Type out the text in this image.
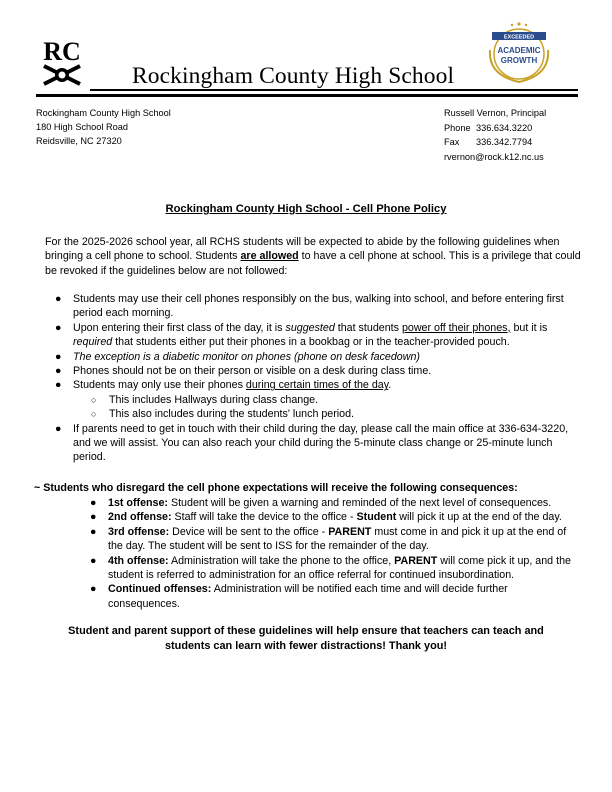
RC	EXCEEDED
ACADEMIC
GROWTH
Rockingham County High School
Rockingham County High School
180 High School Road
Reidsville, NC 27320
Russell Vernon, Principal
Phone 336.634.3220
Fax 336.342.7794
rvernon@rock.k12.nc.us
Rockingham County High School - Cell Phone Policy
For the 2025-2026 school year, all RCHS students will be expected to abide by the following guidelines when bringing a cell phone to school. Students are allowed to have a cell phone at school. This is a privilege that could be revoked if the guidelines below are not followed:
● Students may use their cell phones responsibly on the bus, walking into school, and before entering first period each morning.
● Upon entering their first class of the day, it is suggested that students power off their phones, but it is required that students either put their phones in a bookbag or in the teacher-provided pouch.
● The exception is a diabetic monitor on phones (phone on desk facedown)
● Phones should not be on their person or visible on a desk during class time.
● Students may only use their phones during certain times of the day.
○ This includes Hallways during class change.
○ This also includes during the students' lunch period.
● If parents need to get in touch with their child during the day, please call the main office at 336-634-3220, and we will assist. You can also reach your child during the 5-minute class change or 25-minute lunch period.
~ Students who disregard the cell phone expectations will receive the following consequences:
● 1st offense: Student will be given a warning and reminded of the next level of consequences.
● 2nd offense: Staff will take the device to the office - Student will pick it up at the end of the day.
● 3rd offense: Device will be sent to the office - PARENT must come in and pick it up at the end of the day. The student will be sent to ISS for the remainder of the day.
● 4th offense: Administration will take the phone to the office, PARENT will come pick it up, and the student is referred to administration for an office referral for continued insubordination.
● Continued offenses: Administration will be notified each time and will decide further consequences.
Student and parent support of these guidelines will help ensure that teachers can teach and
students can learn with fewer distractions! Thank you!
